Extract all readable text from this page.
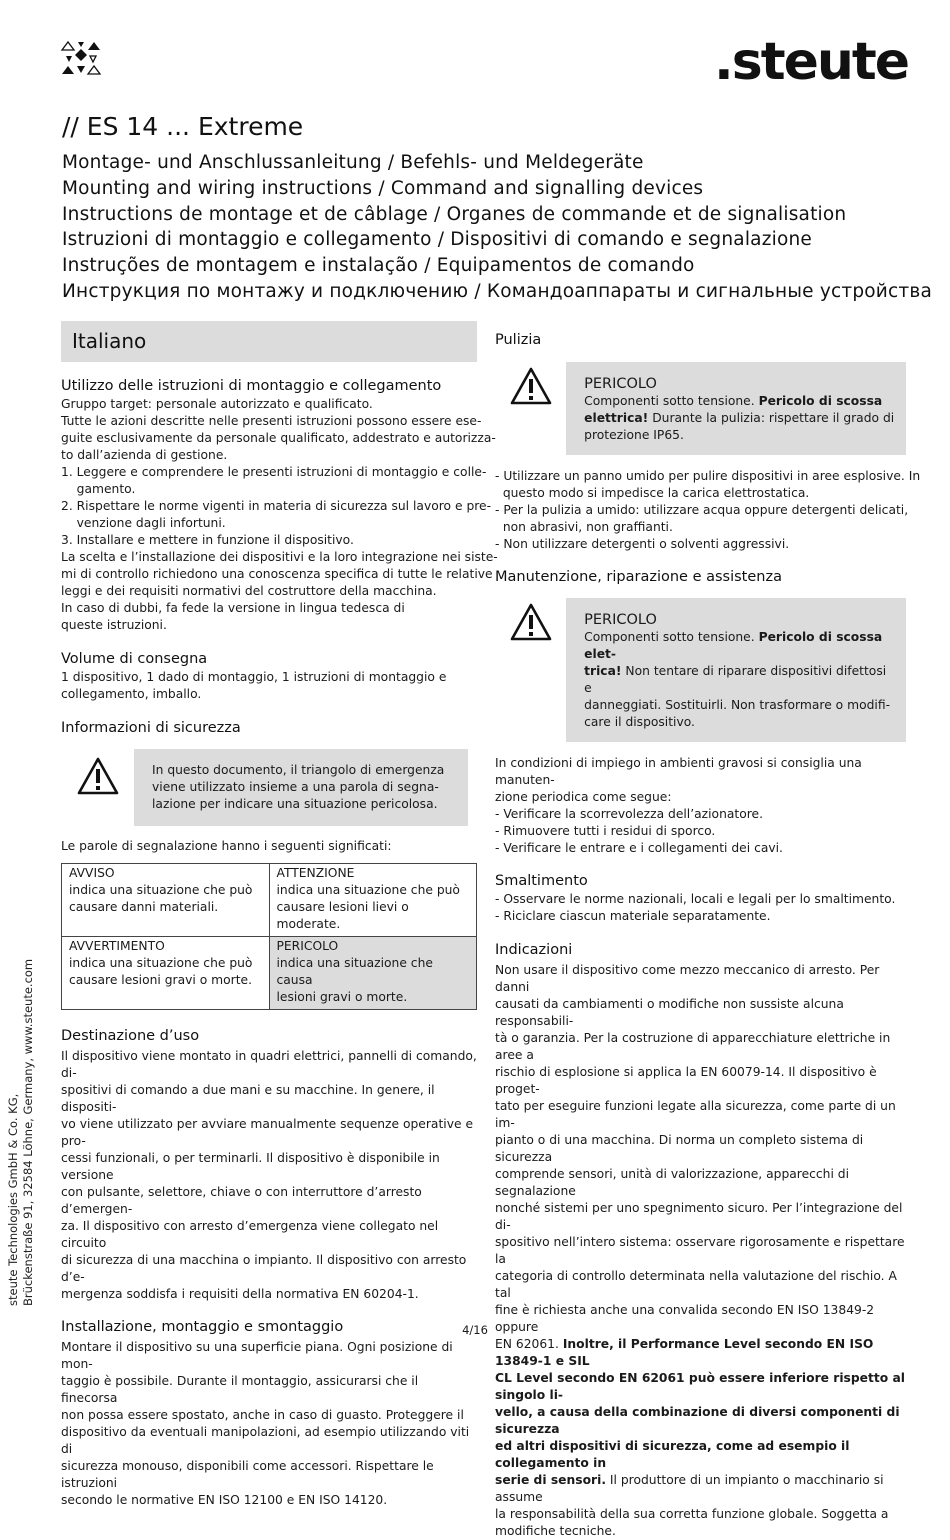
.steute
// ES 14 ... Extreme
Montage- und Anschlussanleitung / Befehls- und Meldegeräte
Mounting and wiring instructions / Command and signalling devices
Instructions de montage et de câblage / Organes de commande et de signalisation
Istruzioni di montaggio e collegamento / Dispositivi di comando e segnalazione
Instruções de montagem e instalação / Equipamentos de comando
Инструкция по монтажу и подключению / Командоаппараты и сигнальные устройства
Italiano
Utilizzo delle istruzioni di montaggio e collegamento
Gruppo target: personale autorizzato e qualificato.
Tutte le azioni descritte nelle presenti istruzioni possono essere ese-
guite esclusivamente da personale qualificato, addestrato e autorizza-
to dall’azienda di gestione.
1. Leggere e comprendere le presenti istruzioni di montaggio e colle-
gamento.
2. Rispettare le norme vigenti in materia di sicurezza sul lavoro e pre-
venzione dagli infortuni.
3. Installare e mettere in funzione il dispositivo.
La scelta e l’installazione dei dispositivi e la loro integrazione nei siste-
mi di controllo richiedono una conoscenza specifica di tutte le relative
leggi e dei requisiti normativi del costruttore della macchina.
In caso di dubbi, fa fede la versione in lingua tedesca di
queste istruzioni.
Volume di consegna
1 dispositivo, 1 dado di montaggio, 1 istruzioni di montaggio e
collegamento, imballo.
Informazioni di sicurezza
In questo documento, il triangolo di emergenza
viene utilizzato insieme a una parola di segna-
lazione per indicare una situazione pericolosa.

Le parole di segnalazione hanno i seguenti significati:

AVVISO
indica una situazione che può
causare danni materiali.	ATTENZIONE
indica una situazione che può
causare lesioni lievi o moderate.

AVVERTIMENTO
indica una situazione che può
causare lesioni gravi o morte.	PERICOLO
indica una situazione che causa
lesioni gravi o morte.
Destinazione d’uso
Il dispositivo viene montato in quadri elettrici, pannelli di comando, di-
spositivi di comando a due mani e su macchine. In genere, il dispositi-
vo viene utilizzato per avviare manualmente sequenze operative e pro-
cessi funzionali, o per terminarli. Il dispositivo è disponibile in versione
con pulsante, selettore, chiave o con interruttore d’arresto d’emergen-
za. Il dispositivo con arresto d’emergenza viene collegato nel circuito
di sicurezza di una macchina o impianto. Il dispositivo con arresto d’e-
mergenza soddisfa i requisiti della normativa EN 60204-1.
Installazione, montaggio e smontaggio
Montare il dispositivo su una superficie piana. Ogni posizione di mon-
taggio è possibile. Durante il montaggio, assicurarsi che il finecorsa
non possa essere spostato, anche in caso di guasto. Proteggere il
dispositivo da eventuali manipolazioni, ad esempio utilizzando viti di
sicurezza monouso, disponibili come accessori. Rispettare le istruzioni
secondo le normative EN ISO 12100 e EN ISO 14120.
Pulizia
PERICOLO
Componenti sotto tensione. Pericolo di scossa
elettrica! Durante la pulizia: rispettare il grado di
protezione IP65.
- Utilizzare un panno umido per pulire dispositivi in aree esplosive. In
questo modo si impedisce la carica elettrostatica.
- Per la pulizia a umido: utilizzare acqua oppure detergenti delicati,
non abrasivi, non graffianti.
- Non utilizzare detergenti o solventi aggressivi.
Manutenzione, riparazione e assistenza
PERICOLO
Componenti sotto tensione. Pericolo di scossa elet-
trica! Non tentare di riparare dispositivi difettosi e
danneggiati. Sostituirli. Non trasformare o modifi-
care il dispositivo.
In condizioni di impiego in ambienti gravosi si consiglia una manuten-
zione periodica come segue:
- Verificare la scorrevolezza dell’azionatore.
- Rimuovere tutti i residui di sporco.
- Verificare le entrare e i collegamenti dei cavi.
Smaltimento
- Osservare le norme nazionali, locali e legali per lo smaltimento.
- Riciclare ciascun materiale separatamente.
Indicazioni
Non usare il dispositivo come mezzo meccanico di arresto. Per danni
causati da cambiamenti o modifiche non sussiste alcuna responsabili-
tà o garanzia. Per la costruzione di apparecchiature elettriche in aree a
rischio di esplosione si applica la EN 60079-14. Il dispositivo è proget-
tato per eseguire funzioni legate alla sicurezza, come parte di un im-
pianto o di una macchina. Di norma un completo sistema di sicurezza
comprende sensori, unità di valorizzazione, apparecchi di segnalazione
nonché sistemi per uno spegnimento sicuro. Per l’integrazione del di-
spositivo nell’intero sistema: osservare rigorosamente e rispettare la
categoria di controllo determinata nella valutazione del rischio. A tal
fine è richiesta anche una convalida secondo EN ISO 13849-2 oppure
EN 62061. Inoltre, il Performance Level secondo EN ISO 13849-1 e SIL
CL Level secondo EN 62061 può essere inferiore rispetto al singolo li-
vello, a causa della combinazione di diversi componenti di sicurezza
ed altri dispositivi di sicurezza, come ad esempio il collegamento in
serie di sensori. Il produttore di un impianto o macchinario si assume
la responsabilità della sua corretta funzione globale. Soggetta a
modifiche tecniche.
steute Technologies GmbH & Co. KG, Brückenstraße 91, 32584 Löhne, Germany, www.steute.com
4/16
